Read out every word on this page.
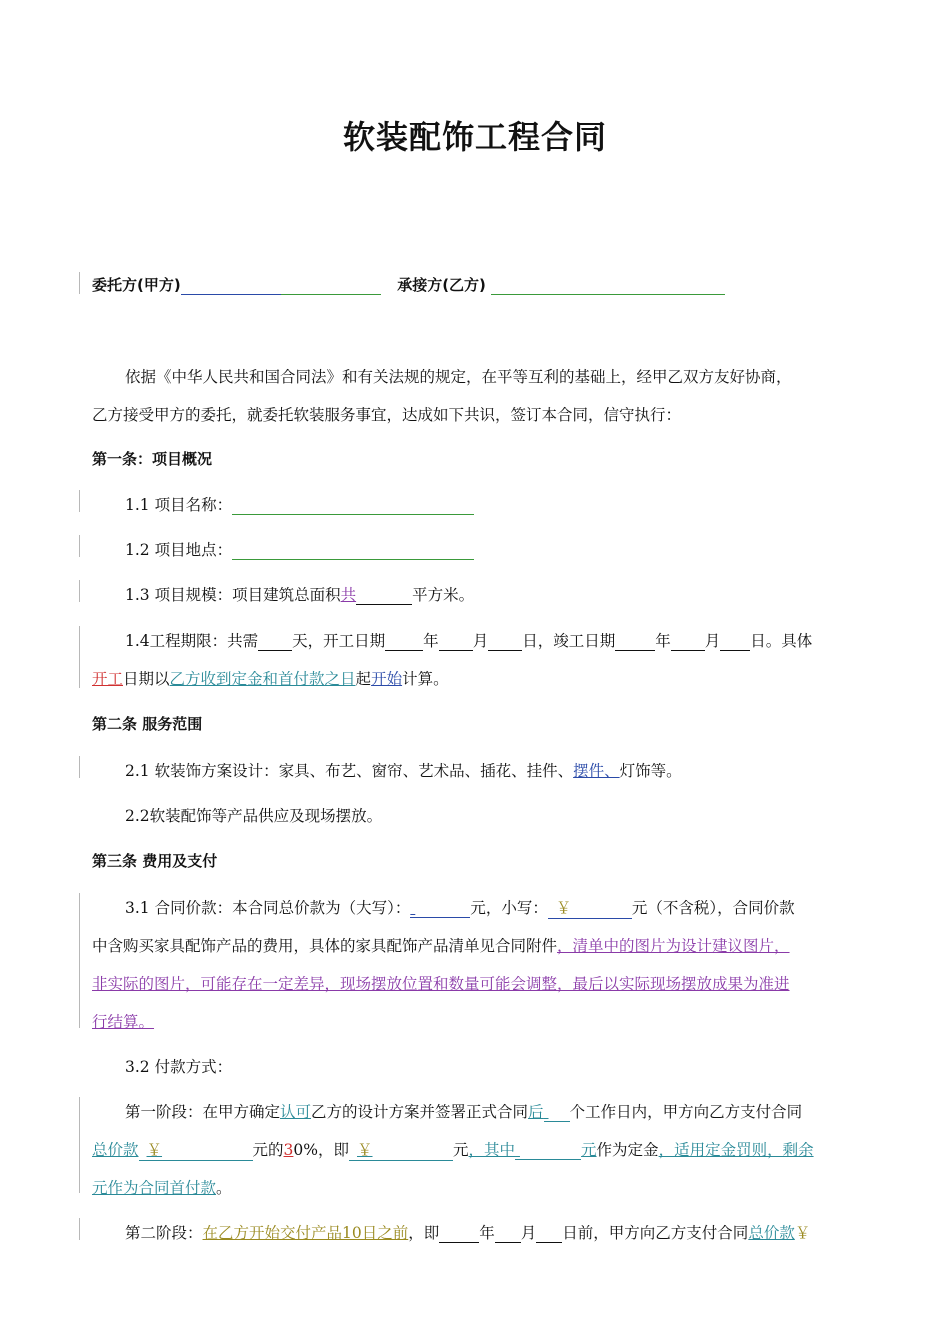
软装配饰工程合同
委托方(甲方)	承接方(乙方)
依据《中华人民共和国合同法》和有关法规的规定，在平等互利的基础上，经甲乙双方友好协商，
乙方接受甲方的委托，就委托软装服务事宜，达成如下共识，签订本合同，信守执行：
第一条：项目概况
1.1 项目名称：
1.2 项目地点：
1.3 项目规模：项目建筑总面积共	平方米。
1.4工程期限：共需 天，开工日期 年 月 日，竣工日期	年 月 日。具体
开工日期以乙方收到定金和首付款之日起开始计算。
第二条 服务范围
2.1 软装饰方案设计：家具、布艺、窗帘、艺术品、插花、挂件、摆件、灯饰等。
2.2软装配饰等产品供应及现场摆放。
第三条 费用及支付
3.1 合同价款：本合同总价款为（大写）：	元，小写： ￥	元（不含税），合同价款
中含购买家具配饰产品的费用，具体的家具配饰产品清单见合同附件，清单中的图片为设计建议图片，
非实际的图片，可能存在一定差异，现场摆放位置和数量可能会调整，最后以实际现场摆放成果为准进
行结算。
3.2 付款方式：
第一阶段：在甲方确定认可乙方的设计方案并签署正式合同后 个工作日内，甲方向乙方支付合同
总价款 ￥	元的30%，即 ￥	元，其中	元作为定金，适用定金罚则，剩余
元作为合同首付款。
第二阶段：在乙方开始交付产品10日之前，即	年 月 日前，甲方向乙方支付合同总价款￥
